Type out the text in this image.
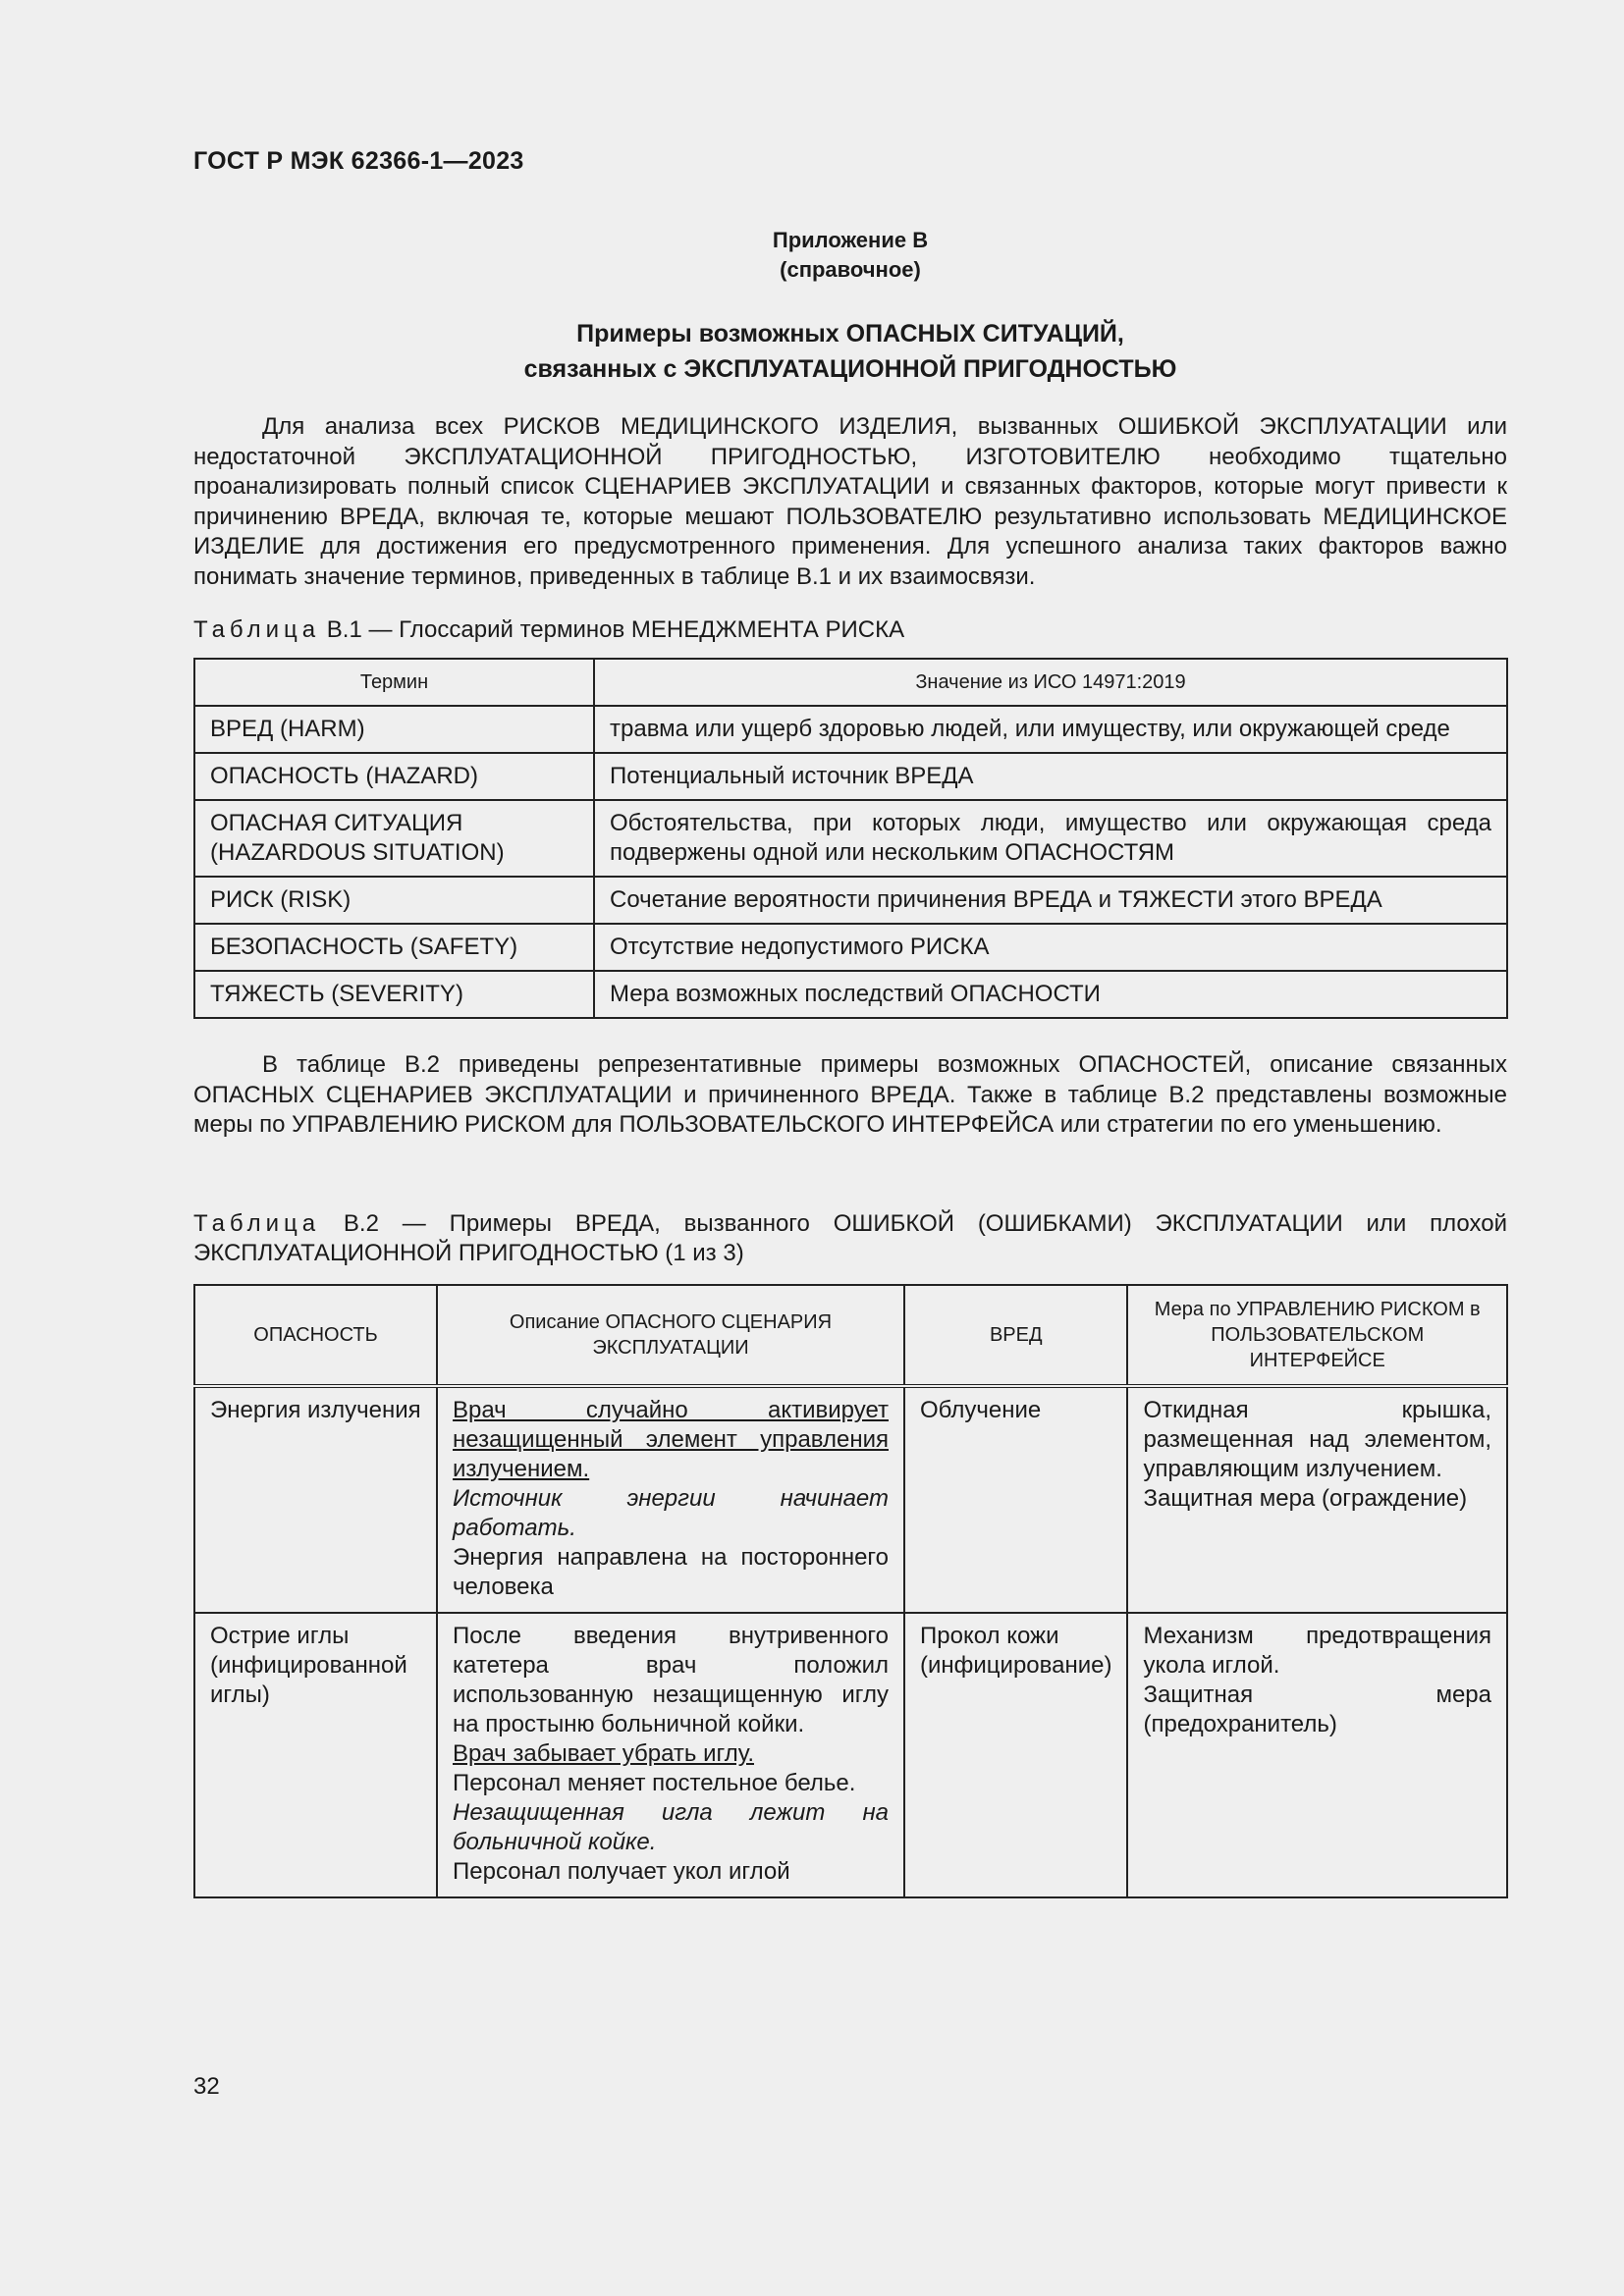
ГОСТ Р МЭК 62366-1—2023
Приложение В
(справочное)
Примеры возможных ОПАСНЫХ СИТУАЦИЙ,
связанных с ЭКСПЛУАТАЦИОННОЙ ПРИГОДНОСТЬЮ
Для анализа всех РИСКОВ МЕДИЦИНСКОГО ИЗДЕЛИЯ, вызванных ОШИБКОЙ ЭКСПЛУАТАЦИИ или недостаточной ЭКСПЛУАТАЦИОННОЙ ПРИГОДНОСТЬЮ, ИЗГОТОВИТЕЛЮ необходимо тщательно проанализировать полный список СЦЕНАРИЕВ ЭКСПЛУАТАЦИИ и связанных факторов, которые могут привести к причинению ВРЕДА, включая те, которые мешают ПОЛЬЗОВАТЕЛЮ результативно использовать МЕДИЦИНСКОЕ ИЗДЕЛИЕ для достижения его предусмотренного применения. Для успешного анализа таких факторов важно понимать значение терминов, приведенных в таблице В.1 и их взаимосвязи.
Таблица В.1 — Глоссарий терминов МЕНЕДЖМЕНТА РИСКА
Термин	Значение из ИСО 14971:2019
ВРЕД (HARM)	травма или ущерб здоровью людей, или имуществу, или окружающей среде
ОПАСНОСТЬ (HAZARD)	Потенциальный источник ВРЕДА
ОПАСНАЯ СИТУАЦИЯ (HAZARDOUS SITUATION)	Обстоятельства, при которых люди, имущество или окружающая среда подвержены одной или нескольким ОПАСНОСТЯМ
РИСК (RISK)	Сочетание вероятности причинения ВРЕДА и ТЯЖЕСТИ этого ВРЕДА
БЕЗОПАСНОСТЬ (SAFETY)	Отсутствие недопустимого РИСКА
ТЯЖЕСТЬ (SEVERITY)	Мера возможных последствий ОПАСНОСТИ
В таблице В.2 приведены репрезентативные примеры возможных ОПАСНОСТЕЙ, описание связанных ОПАСНЫХ СЦЕНАРИЕВ ЭКСПЛУАТАЦИИ и причиненного ВРЕДА. Также в таблице В.2 представлены возможные меры по УПРАВЛЕНИЮ РИСКОМ для ПОЛЬЗОВАТЕЛЬСКОГО ИНТЕРФЕЙСА или стратегии по его уменьшению.
Таблица В.2 — Примеры ВРЕДА, вызванного ОШИБКОЙ (ОШИБКАМИ) ЭКСПЛУАТАЦИИ или плохой ЭКСПЛУАТАЦИОННОЙ ПРИГОДНОСТЬЮ (1 из 3)
ОПАСНОСТЬ	Описание ОПАСНОГО СЦЕНАРИЯ ЭКСПЛУАТАЦИИ	ВРЕД	Мера по УПРАВЛЕНИЮ РИСКОМ в ПОЛЬЗОВАТЕЛЬСКОМ ИНТЕРФЕЙСЕ
Энергия излучения	Врач случайно активирует незащищенный элемент управления излучением.
Источник энергии начинает работать.
Энергия направлена на постороннего человека	Облучение	Откидная крышка, размещенная над элементом, управляющим излучением.
Защитная мера (ограждение)

Острие иглы (инфицированной иглы)	После введения внутривенного катетера врач положил использованную незащищенную иглу на простыню больничной койки.
Врач забывает убрать иглу.
Персонал меняет постельное белье.
Незащищенная игла лежит на больничной койке.
Персонал получает укол иглой	Прокол кожи (инфицирование)	Механизм предотвращения укола иглой.
Защитная мера (предохранитель)
32
